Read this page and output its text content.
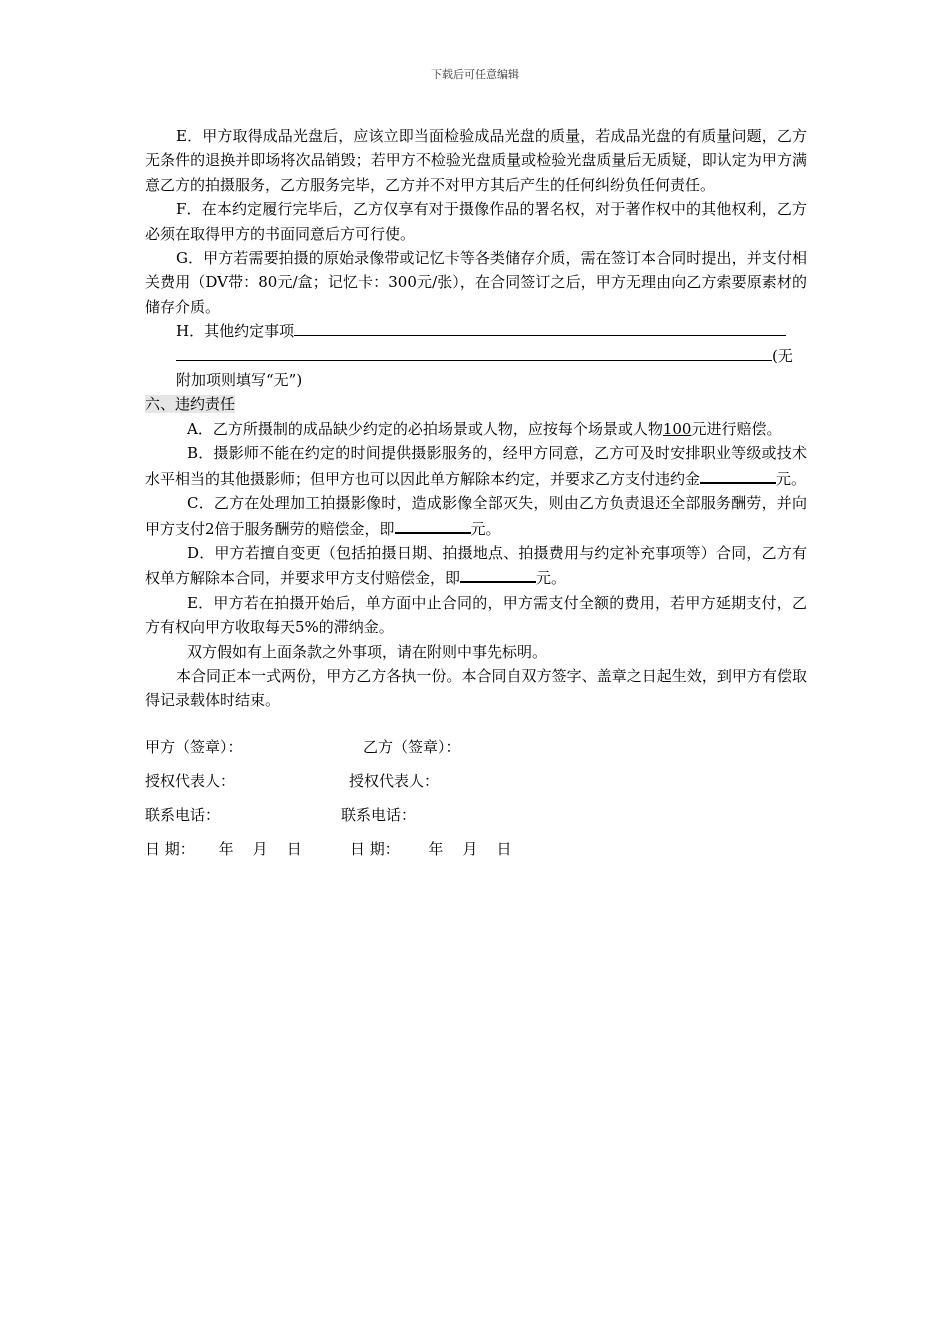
下载后可任意编辑

E．甲方取得成品光盘后，应该立即当面检验成品光盘的质量，若成品光盘的有质量问题，乙方无条件的退换并即场将次品销毁；若甲方不检验光盘质量或检验光盘质量后无质疑，即认定为甲方满意乙方的拍摄服务，乙方服务完毕，乙方并不对甲方其后产生的任何纠纷负任何责任。

F．在本约定履行完毕后，乙方仅享有对于摄像作品的署名权，对于著作权中的其他权利，乙方必须在取得甲方的书面同意后方可行使。

G．甲方若需要拍摄的原始录像带或记忆卡等各类储存介质，需在签订本合同时提出，并支付相关费用（DV带：80元/盒；记忆卡：300元/张），在合同签订之后，甲方无理由向乙方索要原素材的储存介质。

H．其他约定事项

(无

附加项则填写“无”)

六、违约责任

A．乙方所摄制的成品缺少约定的必拍场景或人物，应按每个场景或人物100元进行赔偿。

B．摄影师不能在约定的时间提供摄影服务的，经甲方同意，乙方可及时安排职业等级或技术水平相当的其他摄影师；但甲方也可以因此单方解除本约定，并要求乙方支付违约金	元。

C．乙方在处理加工拍摄影像时，造成影像全部灭失，则由乙方负责退还全部服务酬劳，并向甲方支付2倍于服务酬劳的赔偿金，即	元。

D．甲方若擅自变更（包括拍摄日期、拍摄地点、拍摄费用与约定补充事项等）合同，乙方有权单方解除本合同，并要求甲方支付赔偿金，即	元。

E．甲方若在拍摄开始后，单方面中止合同的，甲方需支付全额的费用，若甲方延期支付，乙方有权向甲方收取每天5%的滞纳金。

双方假如有上面条款之外事项，请在附则中事先标明。

本合同正本一式两份，甲方乙方各执一份。本合同自双方签字、盖章之日起生效，到甲方有偿取得记录载体时结束。

甲方（签章）：	乙方（签章）：
授权代表人：	授权代表人：
联系电话：	联系电话：
日 期：     年    月    日	日 期：      年    月    日
